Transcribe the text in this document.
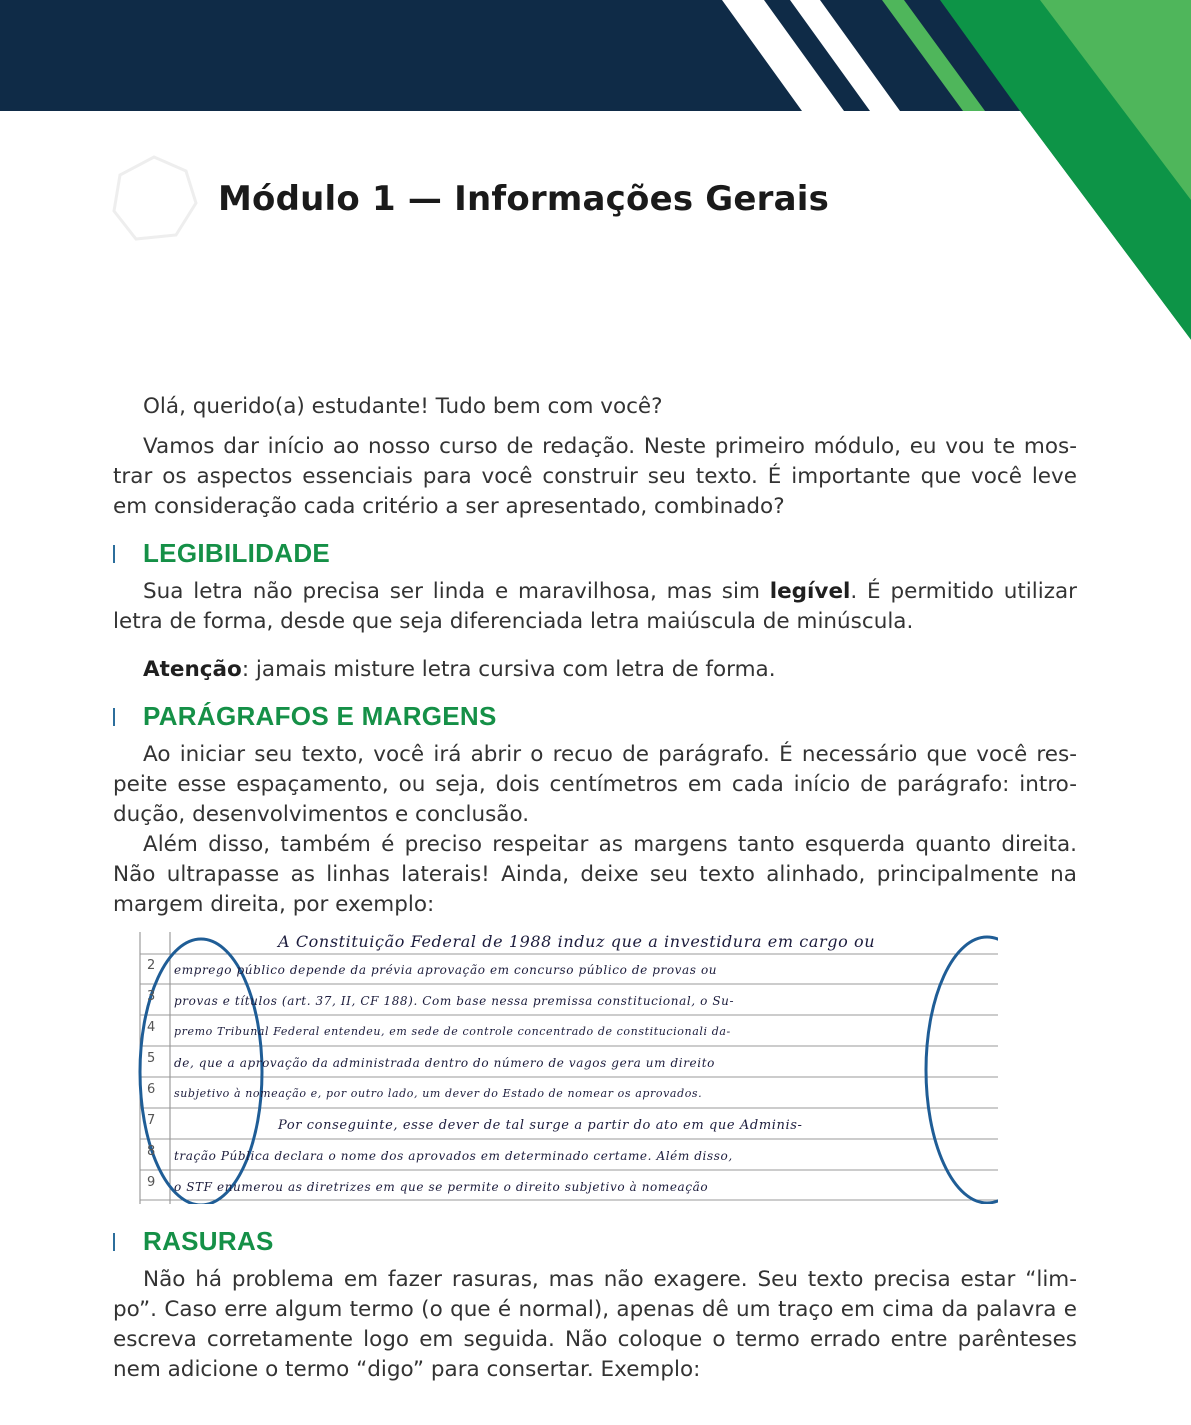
Módulo 1 — Informações Gerais

Olá, querido(a) estudante! Tudo bem com você?

Vamos dar início ao nosso curso de redação. Neste primeiro módulo, eu vou te mos-trar os aspectos essenciais para você construir seu texto. É importante que você leve em consideração cada critério a ser apresentado, combinado?

LEGIBILIDADE

Sua letra não precisa ser linda e maravilhosa, mas sim legível. É permitido utilizar letra de forma, desde que seja diferenciada letra maiúscula de minúscula.

Atenção: jamais misture letra cursiva com letra de forma.

PARÁGRAFOS E MARGENS

Ao iniciar seu texto, você irá abrir o recuo de parágrafo. É necessário que você res-peite esse espaçamento, ou seja, dois centímetros em cada início de parágrafo: intro-dução, desenvolvimentos e conclusão.

Além disso, também é preciso respeitar as margens tanto esquerda quanto direita. Não ultrapasse as linhas laterais! Ainda, deixe seu texto alinhado, principalmente na margem direita, por exemplo:

2
3
4
5
6
7
8
9
A Constituição Federal de 1988 induz que a investidura em cargo ou
emprego público depende da prévia aprovação em concurso público de provas ou
provas e títulos (art. 37, II, CF 188). Com base nessa premissa constitucional, o Su-
premo Tribunal Federal entendeu, em sede de controle concentrado de constitucionali da-
de, que a aprovação da administrada dentro do número de vagos gera um direito
subjetivo à nomeação e, por outro lado, um dever do Estado de nomear os aprovados.
Por conseguinte, esse dever de tal surge a partir do ato em que Adminis-
tração Pública declara o nome dos aprovados em determinado certame. Além disso,
o STF enumerou as diretrizes em que se permite o direito subjetivo à nomeação
RASURAS

Não há problema em fazer rasuras, mas não exagere. Seu texto precisa estar “lim-po”. Caso erre algum termo (o que é normal), apenas dê um traço em cima da palavra e escreva corretamente logo em seguida. Não coloque o termo errado entre parênteses nem adicione o termo “digo” para consertar. Exemplo:
